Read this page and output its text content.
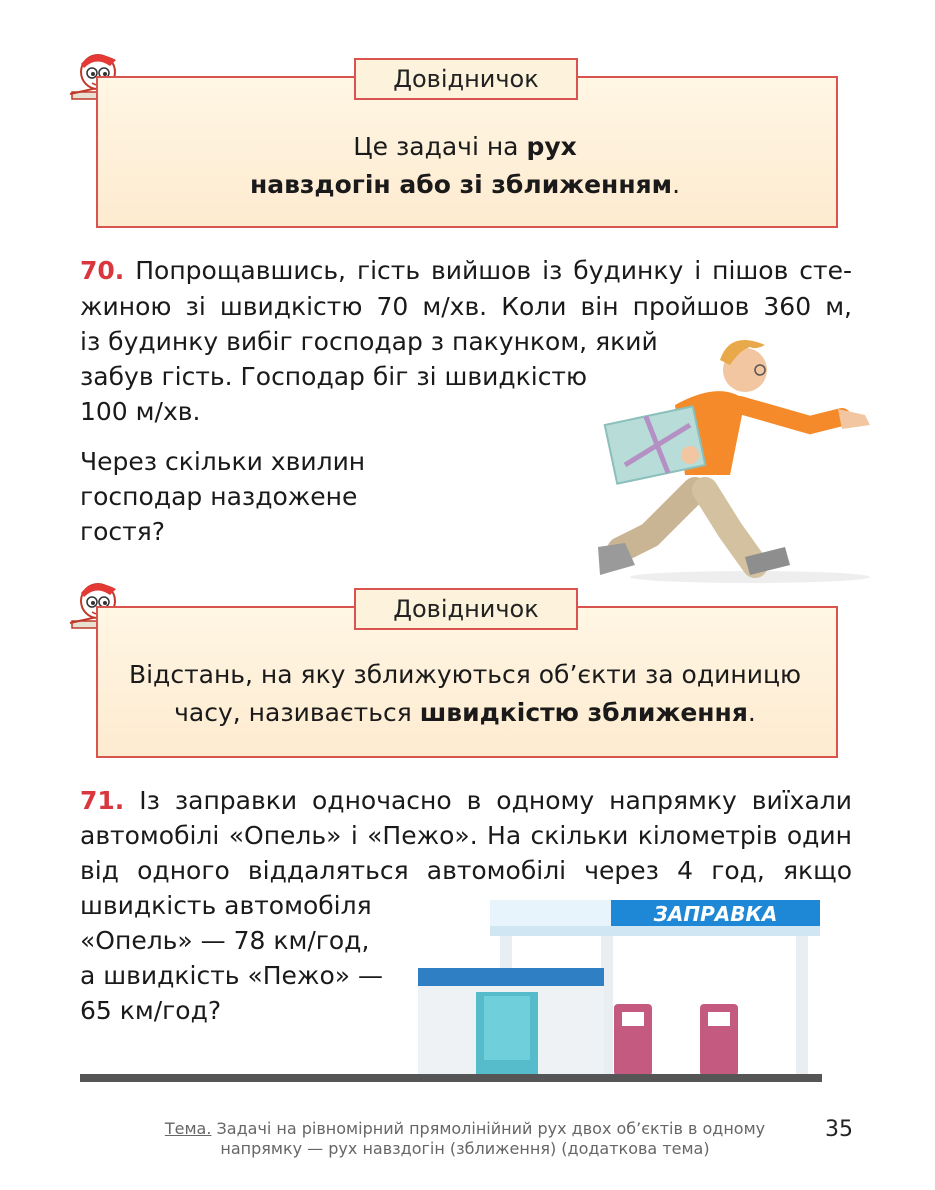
Довідничок
Це задачі на рух
навздогін або зі зближенням.
70. Попрощавшись, гість вийшов із будинку і пішов сте-
жиною зі швидкістю 70 м/хв. Коли він пройшов 360 м,
із будинку вибіг господар з пакунком, який
забув гість. Господар біг зі швидкістю
100 м/хв.
Через скільки хвилин
господар наздожене
гостя?
Довідничок
Відстань, на яку зближуються об’єкти за одиницю
часу, називається швидкістю зближення.
71. Із заправки одночасно в одному напрямку виїхали
автомобілі «Опель» і «Пежо». На скільки кілометрів один
від одного віддаляться автомобілі через 4 год, якщо
швидкість автомобіля
«Опель» — 78 км/год,
а швидкість «Пежо» —
65 км/год?
ЗАПРАВКА
Тема. Задачі на рівномірний прямолінійний рух двох об’єктів в одному
напрямку — рух навздогін (зближення) (додаткова тема)
35
